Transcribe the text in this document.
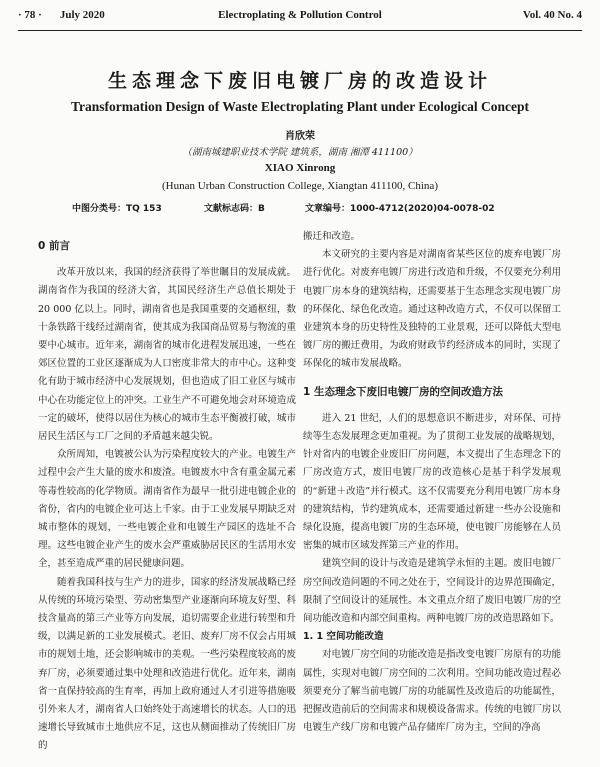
· 78 · July 2020	Electroplating & Pollution Control	Vol. 40 No. 4
生态理念下废旧电镀厂房的改造设计
Transformation Design of Waste Electroplating Plant under Ecological Concept
肖欣荣
（湖南城建职业技术学院 建筑系，湖南 湘潭 411100）
XIAO Xinrong
(Hunan Urban Construction College, Xiangtan 411100, China)
中图分类号：TQ 153	文献标志码：B	文章编号：1000-4712(2020)04-0078-02
0 前言

改革开放以来，我国的经济获得了举世瞩目的发展成就。湖南省作为我国的经济大省，其国民经济生产总值长期处于 20 000 亿以上。同时，湖南省也是我国重要的交通枢纽，数十条铁路干线经过湖南省，使其成为我国商品贸易与物流的重要中心城市。近年来，湖南省的城市化进程发展迅速，一些在郊区位置的工业区逐渐成为人口密度非常大的市中心。这种变化有助于城市经济中心发展规划，但也造成了旧工业区与城市中心在功能定位上的冲突。工业生产不可避免地会对环境造成一定的破坏，使得以居住为核心的城市生态平衡被打破，城市居民生活区与工厂之间的矛盾越来越尖锐。

众所周知，电镀被公认为污染程度较大的产业。电镀生产过程中会产生大量的废水和废渣。电镀废水中含有重金属元素等毒性较高的化学物质。湖南省作为最早一批引进电镀企业的省份，省内的电镀企业可达上千家。由于工业发展早期缺乏对城市整体的规划，一些电镀企业和电镀生产园区的选址不合理。这些电镀企业产生的废水会严重威胁居民区的生活用水安全，甚至造成严重的居民健康问题。

随着我国科技与生产力的进步，国家的经济发展战略已经从传统的环境污染型、劳动密集型产业逐渐向环境友好型、科技含量高的第三产业等方向发展，追切需要企业进行转型和升级，以满足新的工业发展模式。老旧、废弃厂房不仅会占用城市的规划土地，还会影响城市的美观。一些污染程度较高的废弃厂房，必须要通过集中处理和改造进行优化。近年来，湖南省一直保持较高的生育率，再加上政府通过人才引进等措施吸引外来人才，湖南省人口始终处于高速增长的状态。人口的迅速增长导致城市土地供应不足，这也从侧面推动了传统旧厂房的

搬迁和改造。

本文研究的主要内容是对湖南省某些区位的废弃电镀厂房进行优化。对废弃电镀厂房进行改造和升级，不仅要充分利用电镀厂房本身的建筑结构，还需要基于生态理念实现电镀厂房的环保化、绿色化改造。通过这种改造方式，不仅可以保留工业建筑本身的历史特性及独特的工业景观，还可以降低大型电镀厂房的搬迁费用，为政府财政节约经济成本的同时，实现了环保化的城市发展战略。

1 生态理念下废旧电镀厂房的空间改造方法

进入 21 世纪，人们的思想意识不断进步，对环保、可持续等生态发展理念更加重视。为了贯彻工业发展的战略规划，针对省内的电镀企业废旧厂房问题，本文提出了生态理念下的厂房改造方式，废旧电镀厂房的改造核心是基于科学发展观的“新建＋改造”并行模式。这不仅需要充分利用电镀厂房本身的建筑结构，节约建筑成本，还需要通过新建一些办公设施和绿化设施，提高电镀厂房的生态环境，使电镀厂房能够在人员密集的城市区域发挥第三产业的作用。

建筑空间的设计与改造是建筑学永恒的主题。废旧电镀厂房空间改造问题的不同之处在于，空间设计的边界范围确定，限制了空间设计的延展性。本文重点介绍了废旧电镀厂房的空间功能改造和内部空间重构。两种电镀厂房的改造思路如下。

1. 1 空间功能改造

对电镀厂房空间的功能改造是指改变电镀厂房原有的功能属性，实现对电镀厂房空间的二次利用。空间功能改造过程必须要充分了解当前电镀厂房的功能属性及改造后的功能属性，把握改造前后的空间需求和规模设备需求。传统的电镀厂房以电镀生产线厂房和电镀产品存储库厂房为主，空间的净高
